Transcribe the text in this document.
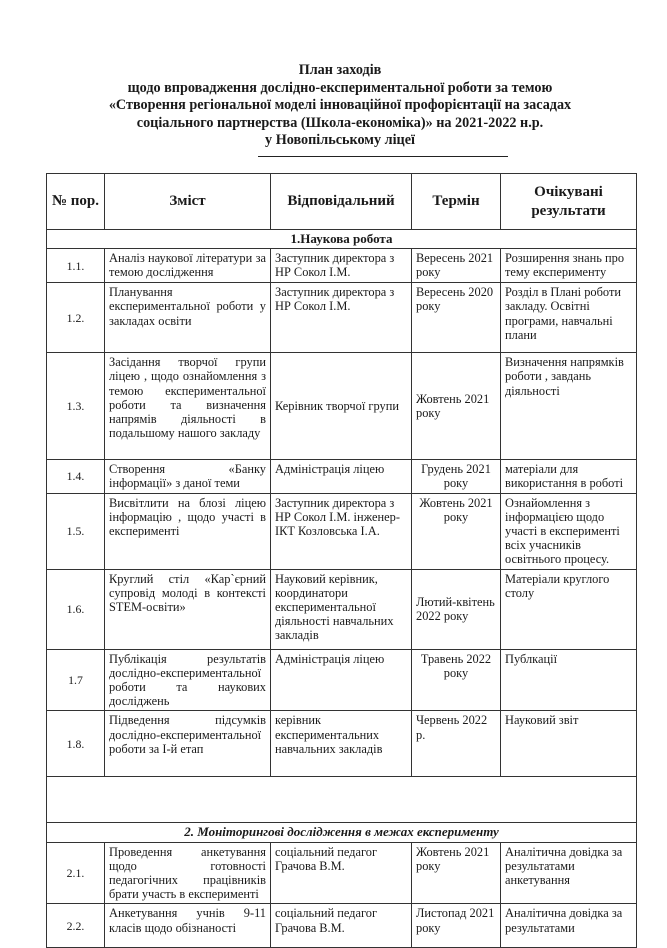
План заходів
щодо впровадження дослідно-експериментальної роботи за темою
«Створення регіональної моделі інноваційної профорієнтації на засадах
соціального партнерства (Школа-економіка)» на 2021-2022 н.р.
у Новопільському ліцеї
№ пор.	Зміст	Відповідальний	Термін	Очікувані результати
1.Наукова робота				
1.1.	Аналіз наукової літератури за темою дослідження	Заступник директора з НР Сокол І.М.	Вересень 2021 року	Розширення знань про тему експерименту
1.2.	Планування експериментальної роботи у закладах освіти	Заступник директора з НР Сокол І.М.	Вересень 2020 року	Розділ в Плані роботи закладу. Освітні програми, навчальні плани
1.3.	Засідання творчої групи ліцею , щодо ознайомлення з темою експериментальної роботи та визначення напрямів діяльності в подальшому нашого закладу	Керівник творчої групи	Жовтень 2021 року	Визначення напрямків роботи , завдань діяльності
1.4.	Створення «Банку інформації» з даної теми	Адміністрація ліцею	Грудень 2021 року	матеріали для використання в роботі
1.5.	Висвітлити на блозі ліцею інформацію , щодо участі в експерименті	Заступник директора з НР Сокол І.М. інженер- ІКТ Козловська І.А.	Жовтень 2021 року	Ознайомлення з інформацією щодо участі в експерименті всіх учасників освітнього процесу.
1.6.	Круглий стіл «Кар`єрний супровід молоді в контексті STEM-освіти»	Науковий керівник, координатори експериментальної діяльності навчальних закладів	Лютий-квітень 2022 року	Матеріали круглого столу
1.7	Публікація результатів дослідно-експериментальної роботи та наукових досліджень	Адміністрація ліцею	Травень 2022 року	Публкації
1.8.	Підведення підсумків дослідно-експериментальної роботи за І-й етап	керівник експериментальних навчальних закладів	Червень 2022 р.	Науковий звіт

2. Моніторингові дослідження в межах експерименту				
2.1.	Проведення анкетування щодо готовності педагогічних працівників брати участь в експерименті	соціальний педагог Грачова В.М.	Жовтень 2021 року	Аналітична довідка за результатами анкетування
2.2.	Анкетування учнів 9-11 класів щодо обізнаності	соціальний педагог Грачова В.М.	Листопад 2021 року	Аналітична довідка за результатами
